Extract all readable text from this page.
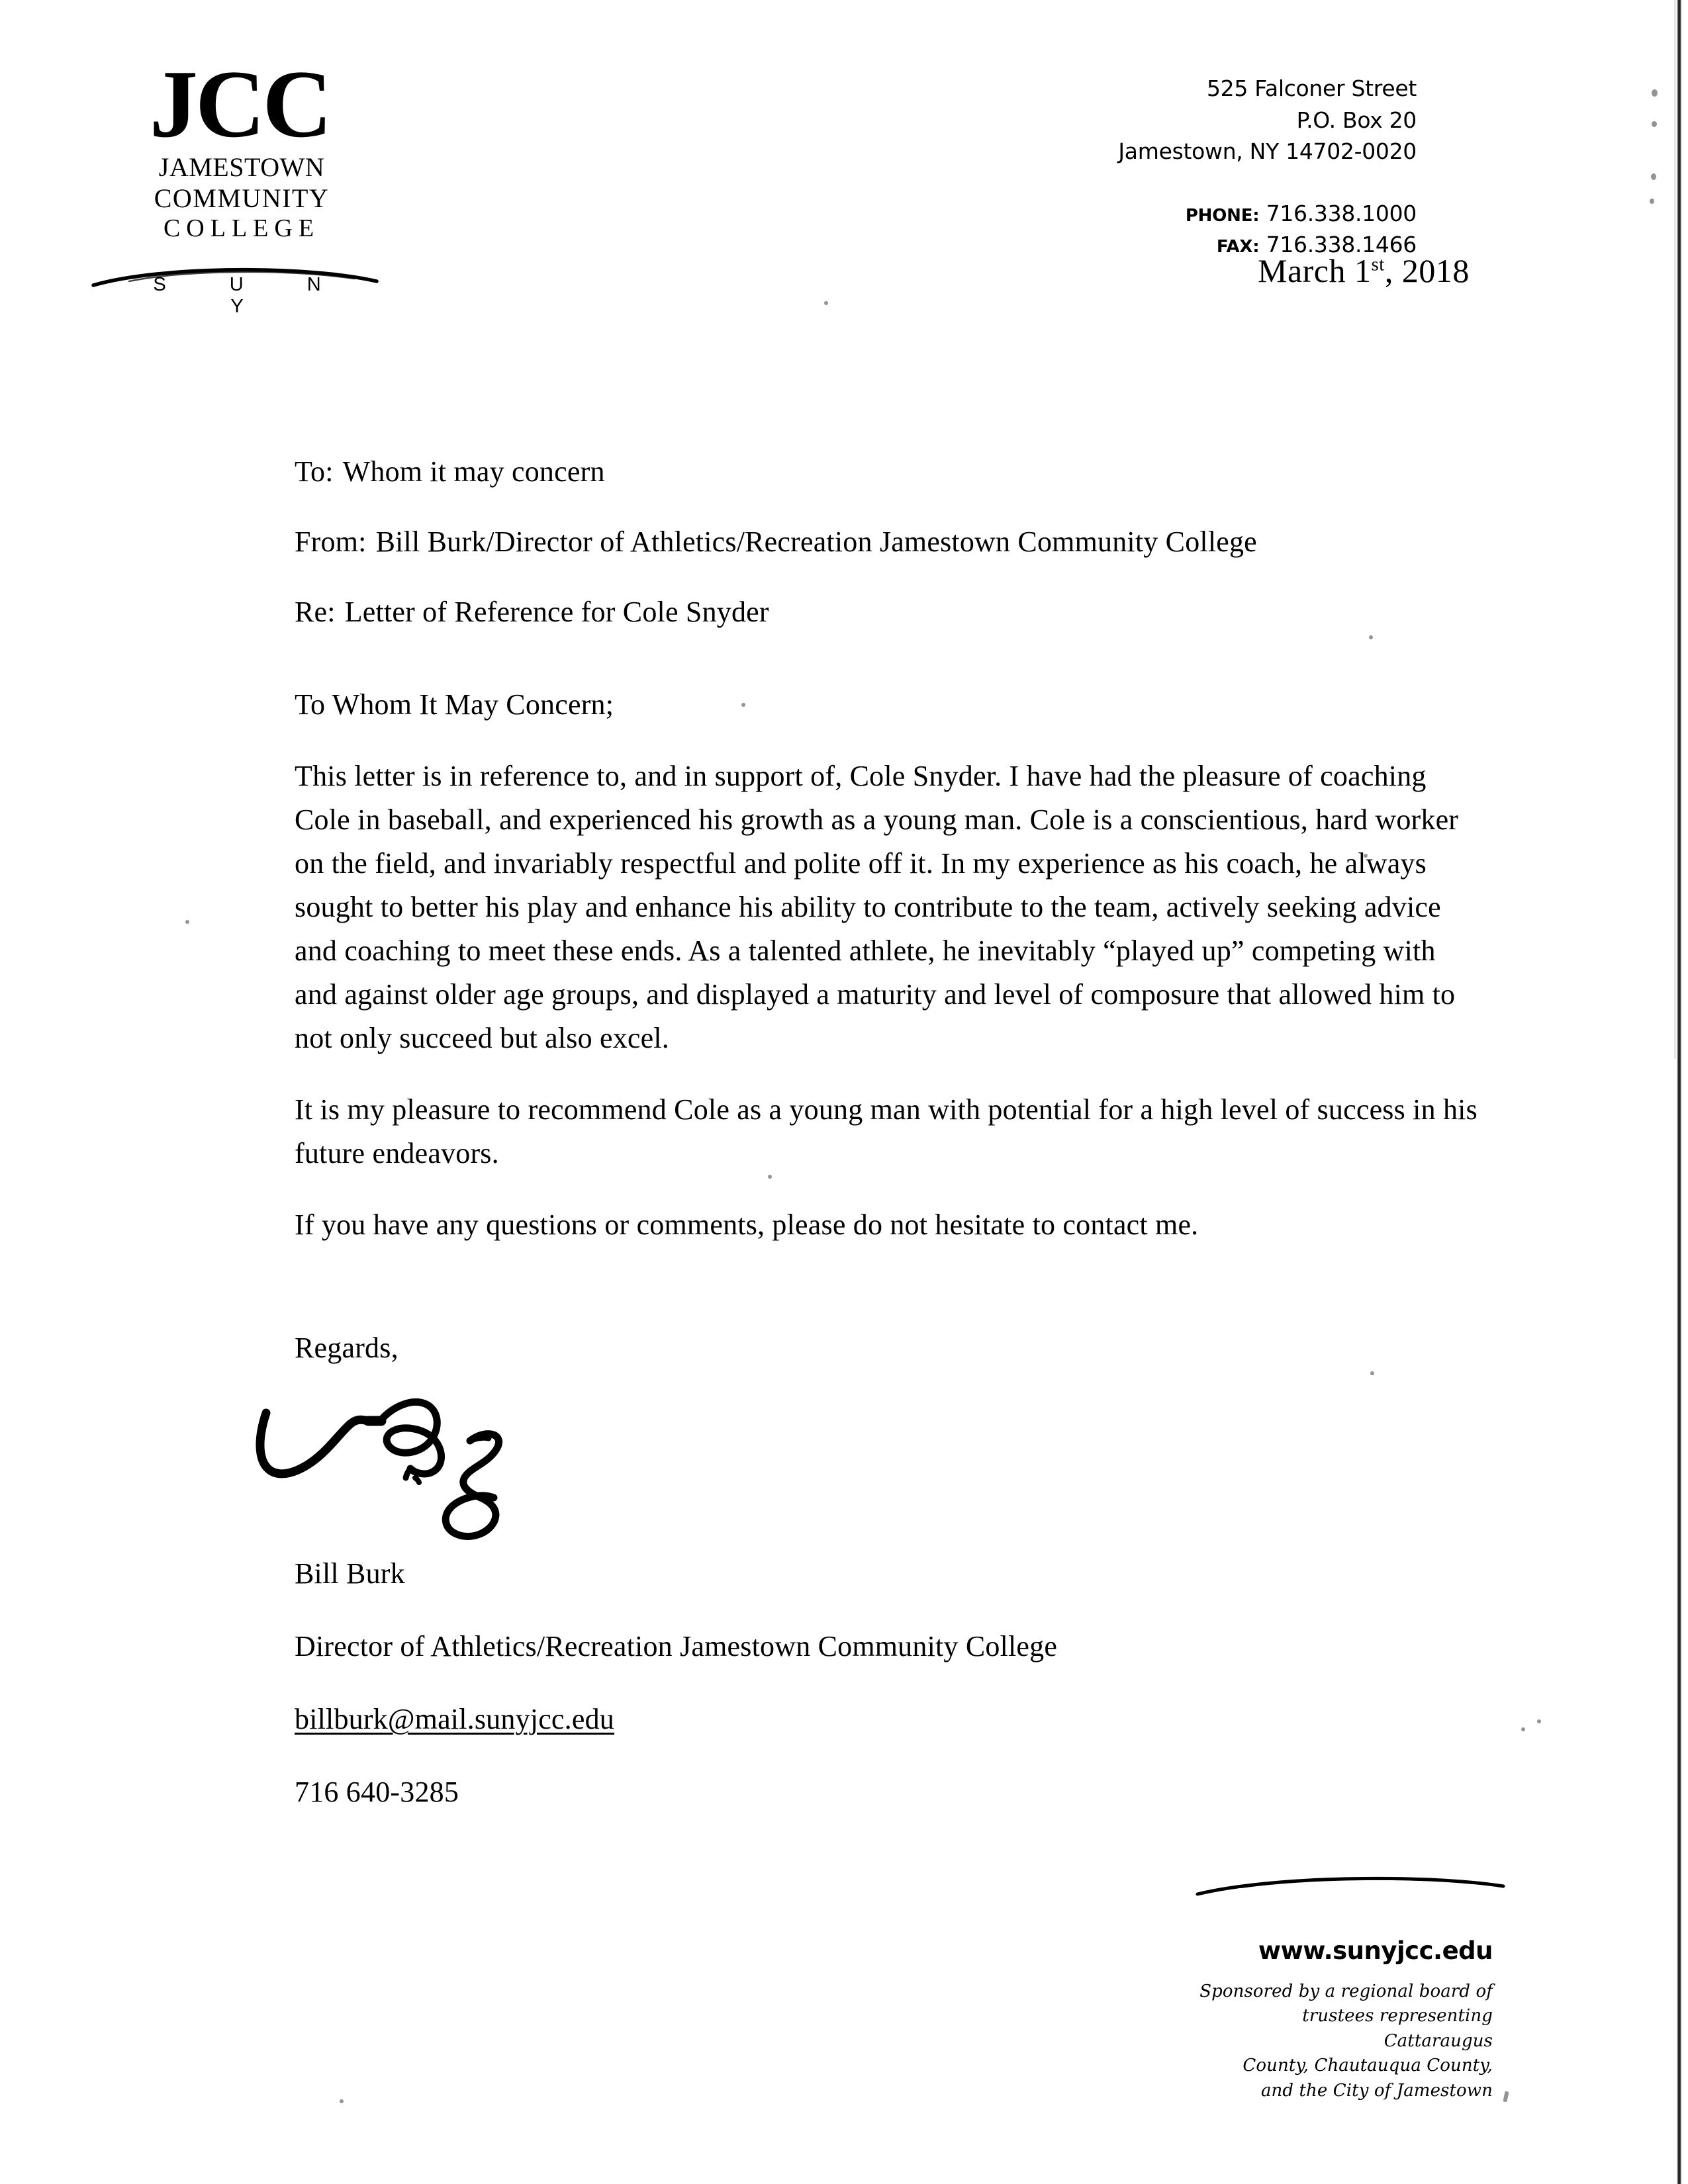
JCC
JAMESTOWN
COMMUNITY
COLLEGE
S U N Y
525 Falconer Street
P.O. Box 20
Jamestown, NY 14702-0020
PHONE: 716.338.1000
FAX: 716.338.1466
March 1st, 2018

To: Whom it may concern

From: Bill Burk/Director of Athletics/Recreation Jamestown Community College

Re: Letter of Reference for Cole Snyder

To Whom It May Concern;

This letter is in reference to, and in support of, Cole Snyder. I have had the pleasure of coaching Cole in baseball, and experienced his growth as a young man. Cole is a conscientious, hard worker on the field, and invariably respectful and polite off it. In my experience as his coach, he always sought to better his play and enhance his ability to contribute to the team, actively seeking advice and coaching to meet these ends. As a talented athlete, he inevitably “played up” competing with and against older age groups, and displayed a maturity and level of composure that allowed him to not only succeed but also excel.

It is my pleasure to recommend Cole as a young man with potential for a high level of success in his future endeavors.

If you have any questions or comments, please do not hesitate to contact me.

Regards,

Bill Burk

Director of Athletics/Recreation Jamestown Community College

billburk@mail.sunyjcc.edu

716 640-3285

www.sunyjcc.edu
Sponsored by a regional board of
trustees representing Cattaraugus
County, Chautauqua County,
and the City of Jamestown
